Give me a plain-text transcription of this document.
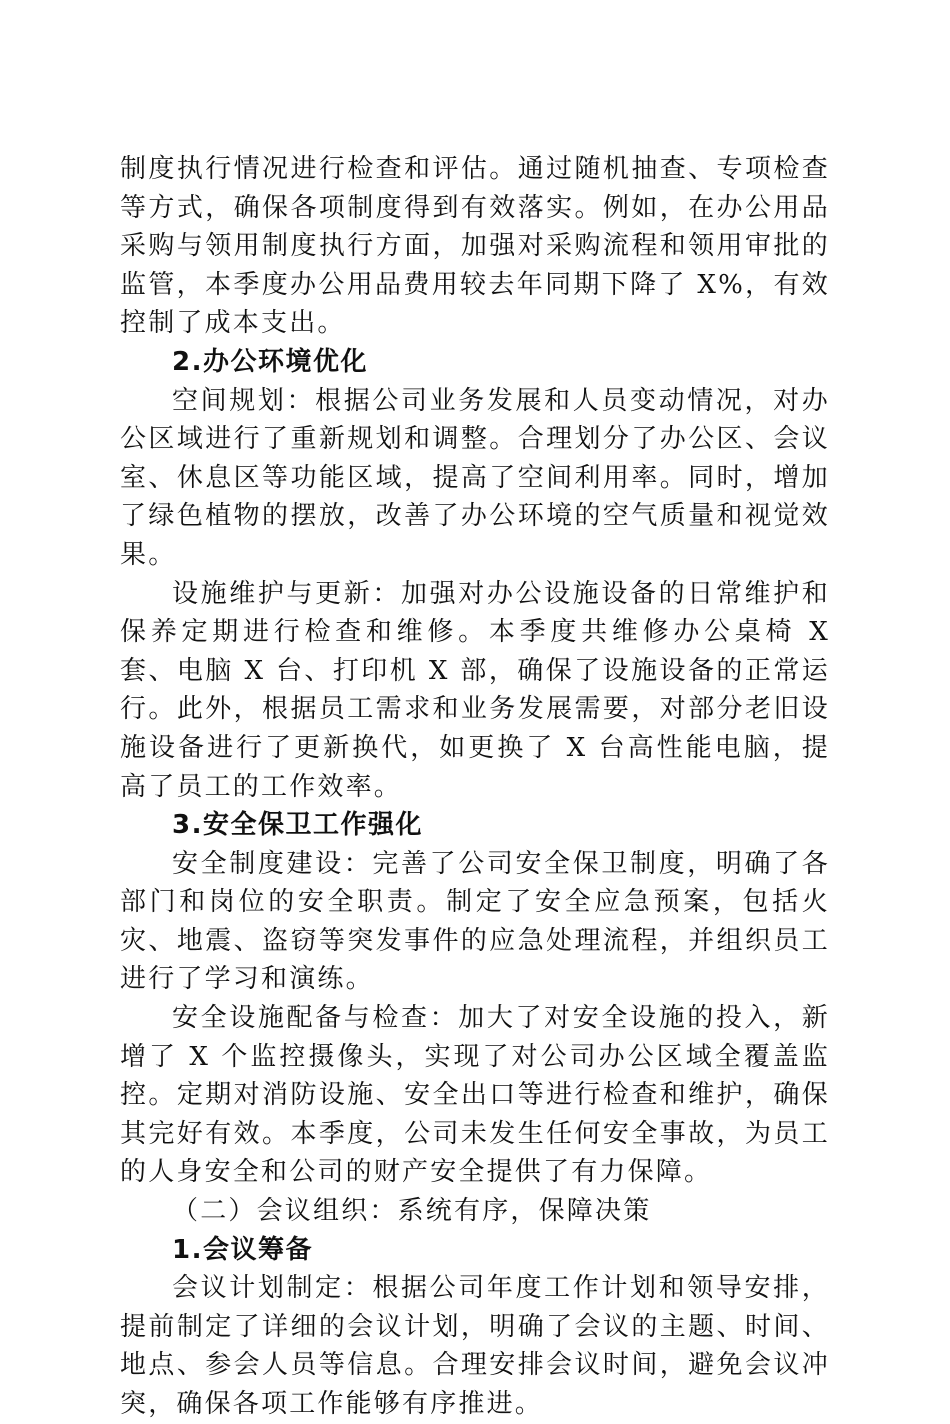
制度执行情况进行检查和评估。通过随机抽查、专项检查等方式，确保各项制度得到有效落实。例如，在办公用品采购与领用制度执行方面，加强对采购流程和领用审批的监管，本季度办公用品费用较去年同期下降了 X%，有效控制了成本支出。

2.办公环境优化

空间规划：根据公司业务发展和人员变动情况，对办公区域进行了重新规划和调整。合理划分了办公区、会议室、休息区等功能区域，提高了空间利用率。同时，增加了绿色植物的摆放，改善了办公环境的空气质量和视觉效果。

设施维护与更新：加强对办公设施设备的日常维护和保养定期进行检查和维修。本季度共维修办公桌椅 X 套、电脑 X 台、打印机 X 部，确保了设施设备的正常运行。此外，根据员工需求和业务发展需要，对部分老旧设施设备进行了更新换代，如更换了 X 台高性能电脑，提高了员工的工作效率。

3.安全保卫工作强化

安全制度建设：完善了公司安全保卫制度，明确了各部门和岗位的安全职责。制定了安全应急预案，包括火灾、地震、盗窃等突发事件的应急处理流程，并组织员工进行了学习和演练。

安全设施配备与检查：加大了对安全设施的投入，新增了 X 个监控摄像头，实现了对公司办公区域全覆盖监控。定期对消防设施、安全出口等进行检查和维护，确保其完好有效。本季度，公司未发生任何安全事故，为员工的人身安全和公司的财产安全提供了有力保障。

（二）会议组织：系统有序，保障决策

1.会议筹备

会议计划制定：根据公司年度工作计划和领导安排，提前制定了详细的会议计划，明确了会议的主题、时间、地点、参会人员等信息。合理安排会议时间，避免会议冲突，确保各项工作能够有序推进。
